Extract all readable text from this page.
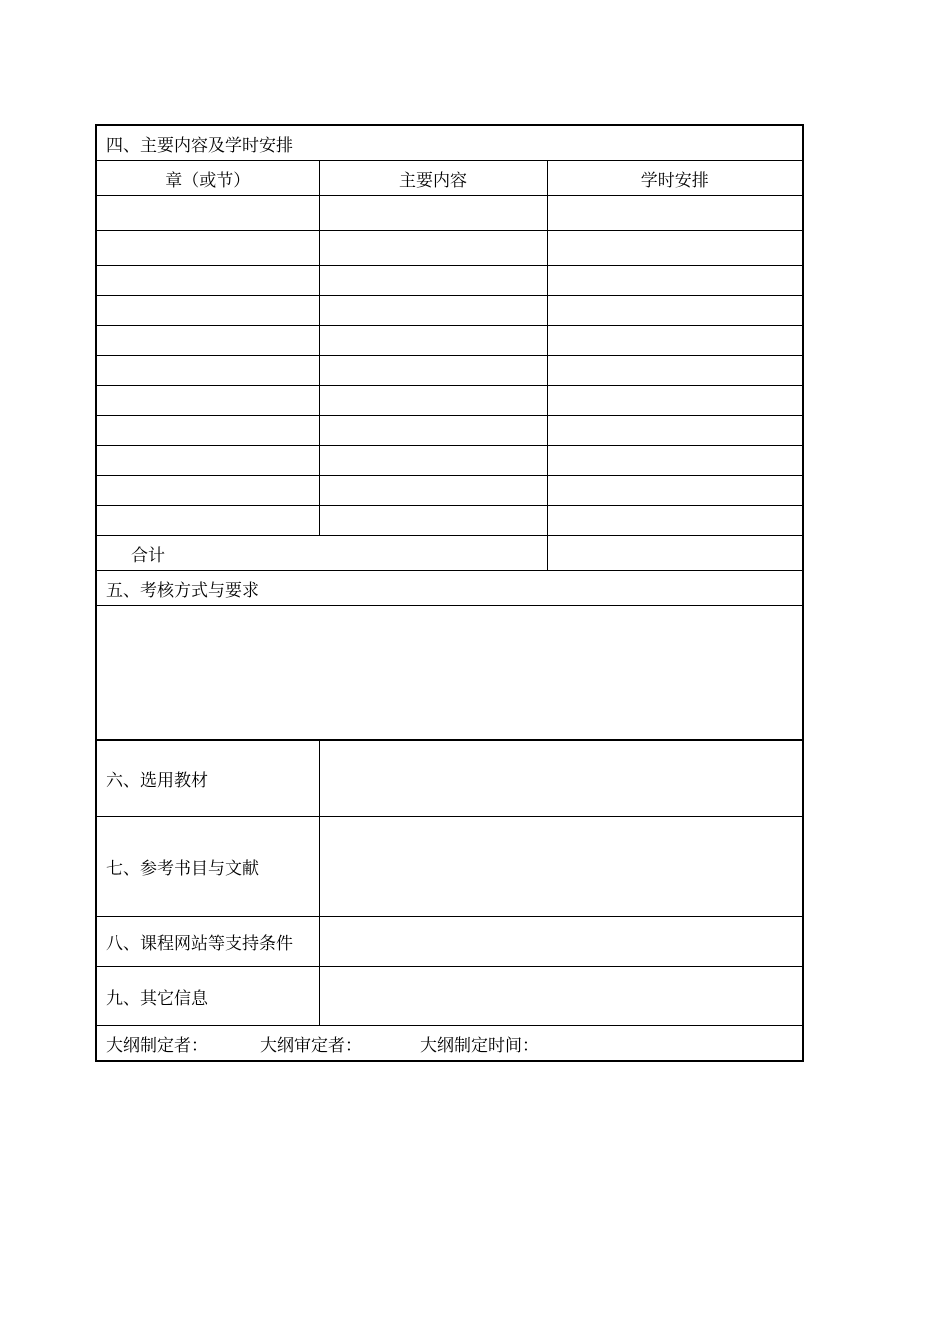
四、主要内容及学时安排		
章（或节）	主要内容	学时安排

合计		
五、考核方式与要求		

六、选用教材		
七、参考书目与文献		
八、课程网站等支持条件		
九、其它信息		
大纲制定者： 大纲审定者： 大纲制定时间：		
